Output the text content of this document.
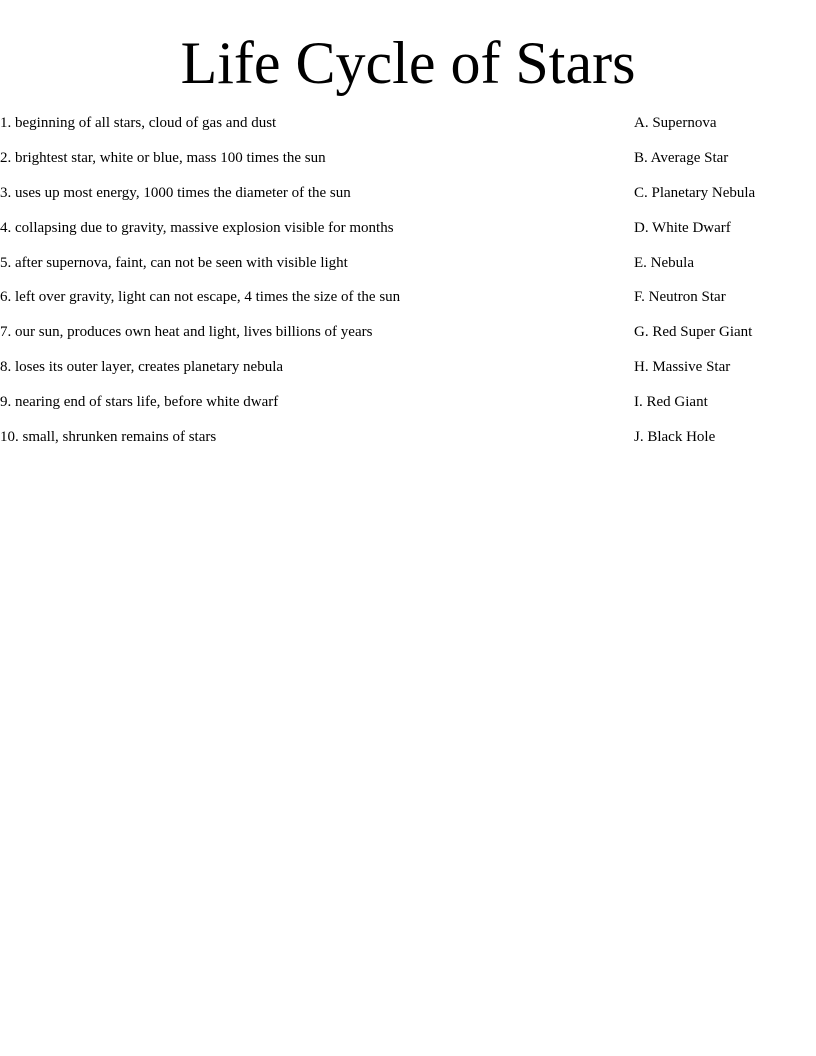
Life Cycle of Stars
1. beginning of all stars, cloud of gas and dust	A. Supernova
2. brightest star, white or blue, mass 100 times the sun	B. Average Star
3. uses up most energy, 1000 times the diameter of the sun	C. Planetary Nebula
4. collapsing due to gravity, massive explosion visible for months	D. White Dwarf
5. after supernova, faint, can not be seen with visible light	E. Nebula
6. left over gravity, light can not escape, 4 times the size of the sun	F. Neutron Star
7. our sun, produces own heat and light, lives billions of years	G. Red Super Giant
8. loses its outer layer, creates planetary nebula	H. Massive Star
9. nearing end of stars life, before white dwarf	I. Red Giant
10. small, shrunken remains of stars	J. Black Hole
